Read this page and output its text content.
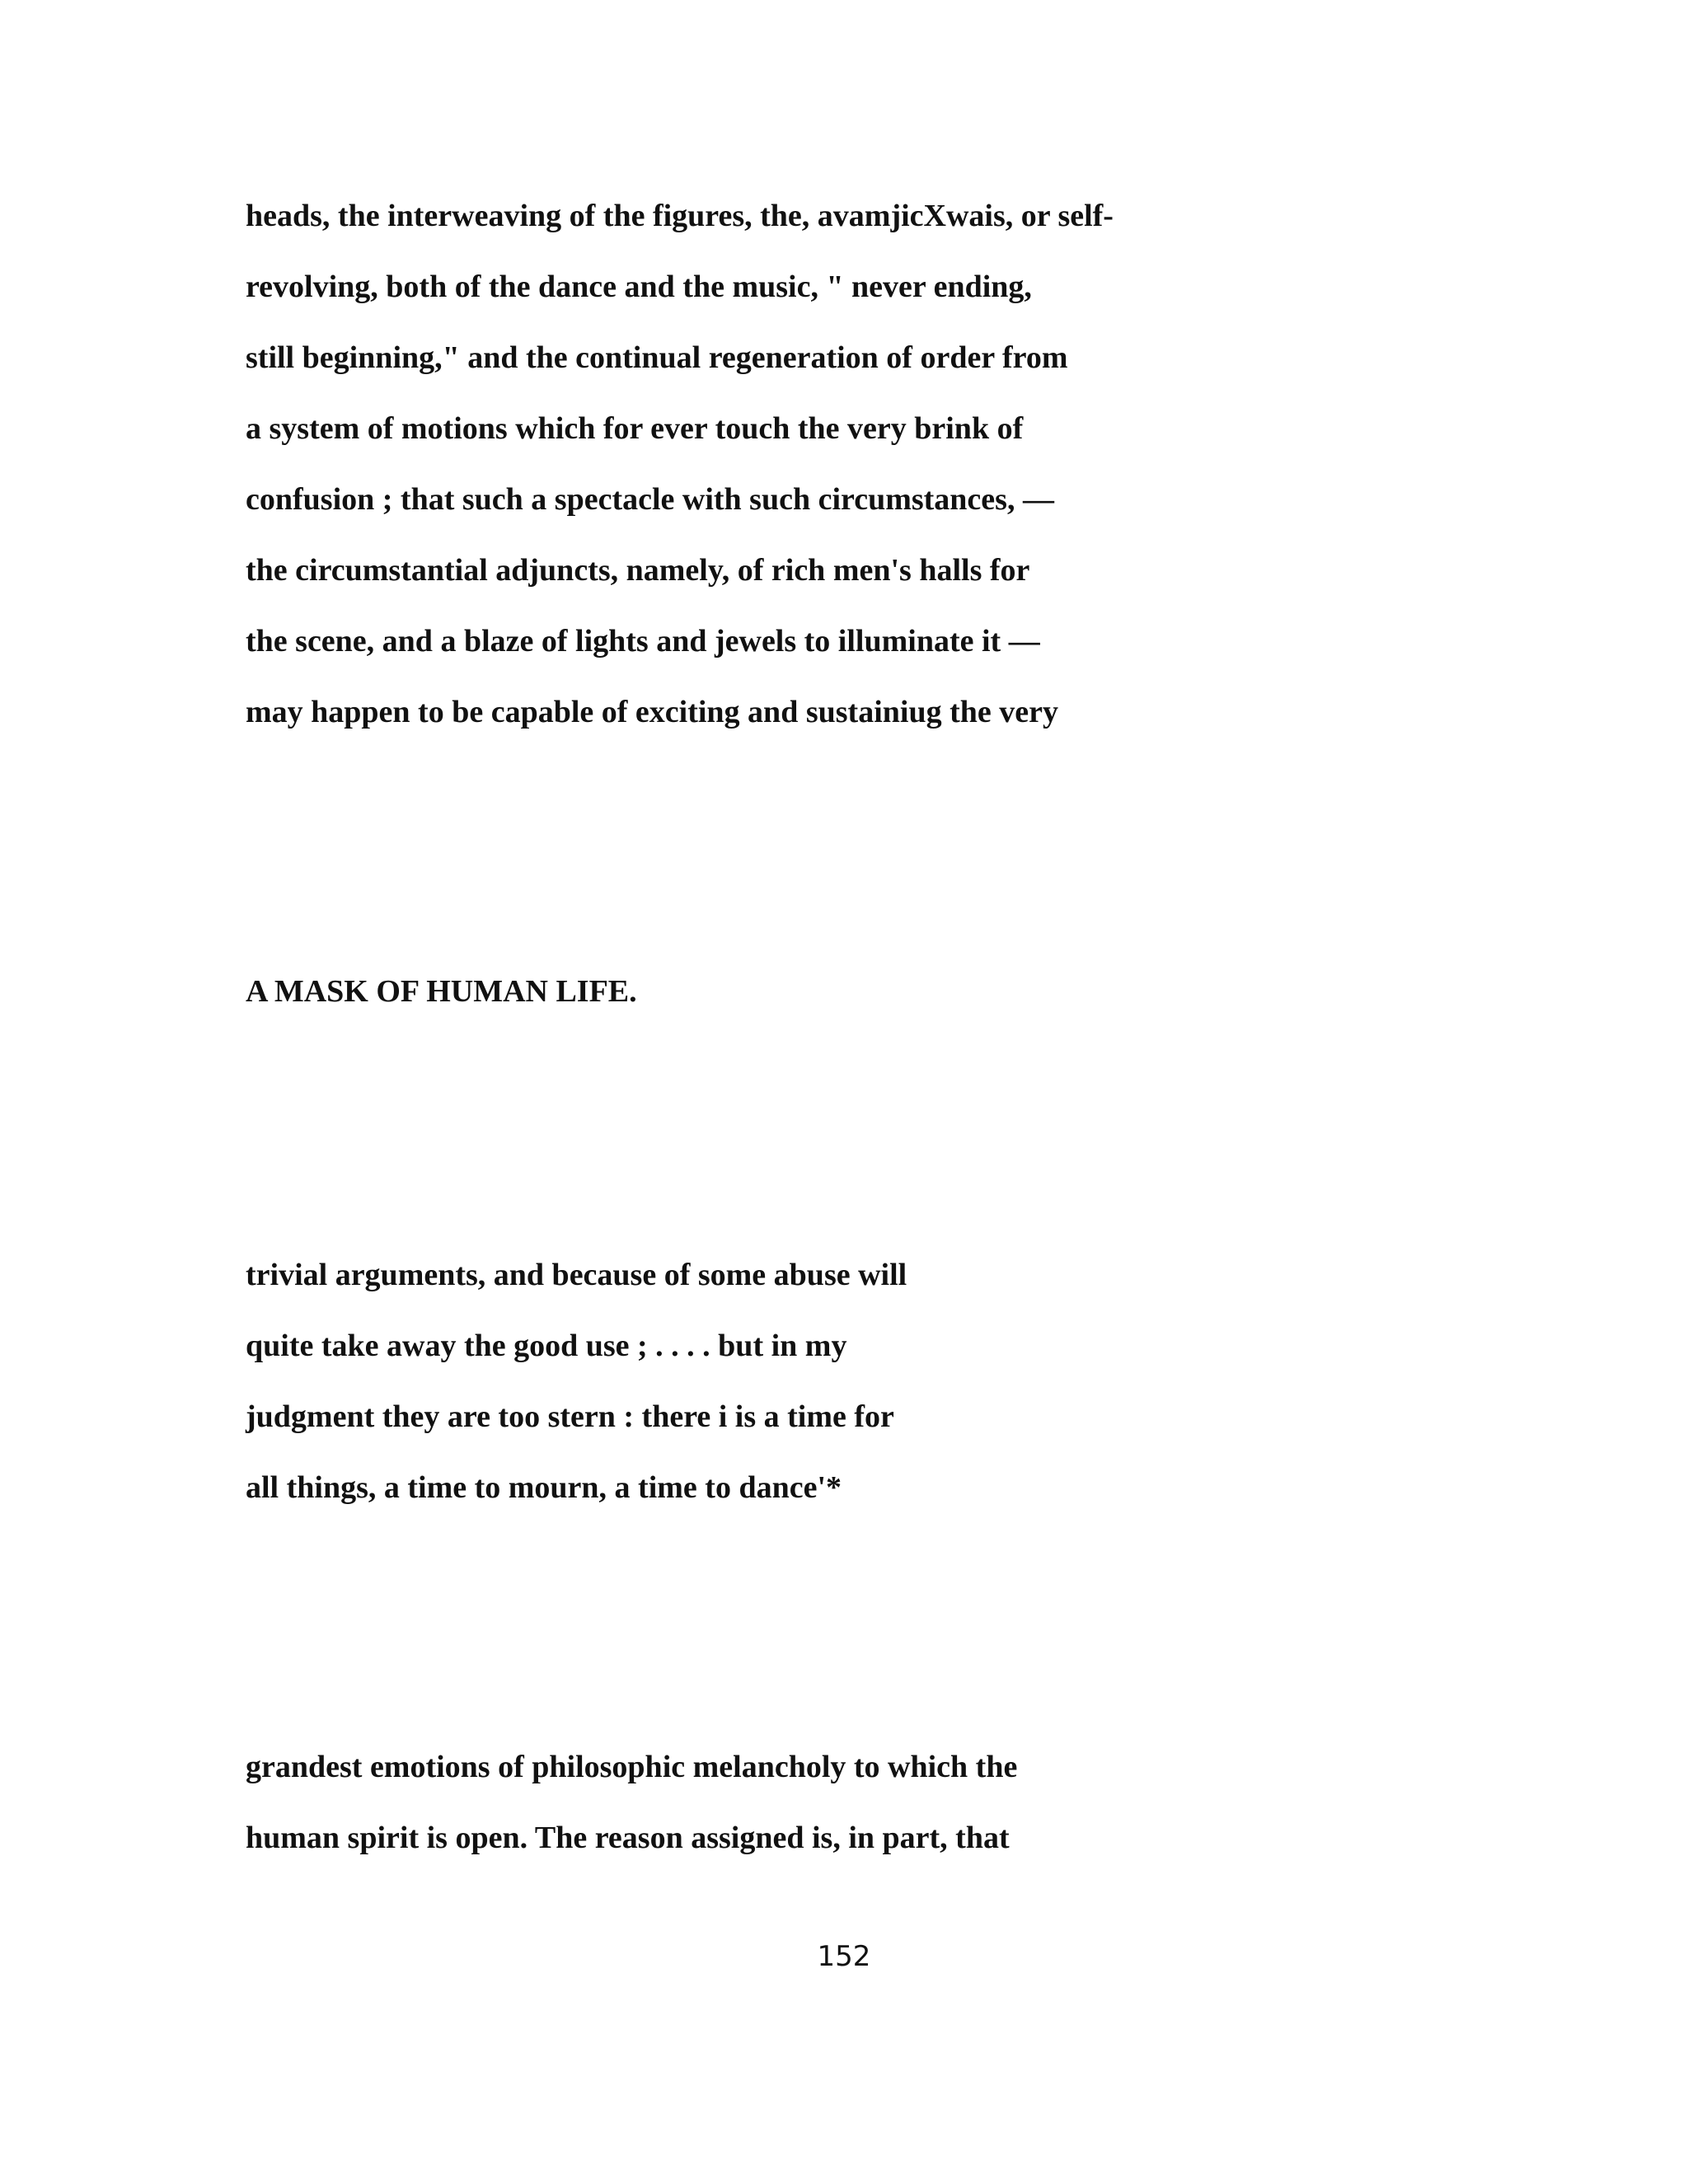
heads, the interweaving of the figures, the, avamjicXwais, or self-
revolving, both of the dance and the music, " never ending,
still beginning," and the continual regeneration of order from
a system of motions which for ever touch the very brink of
confusion ; that such a spectacle with such circumstances, —
the circumstantial adjuncts, namely, of rich men's halls for
the scene, and a blaze of lights and jewels to illuminate it —
may happen to be capable of exciting and sustainiug the very
A MASK OF HUMAN LIFE.
trivial arguments, and because of some abuse will
quite take away the good use ; . . . . but in my
judgment they are too stern : there i is a time for
all things, a time to mourn, a time to dance'*
grandest emotions of philosophic melancholy to which the
human spirit is open. The reason assigned is, in part, that
152
